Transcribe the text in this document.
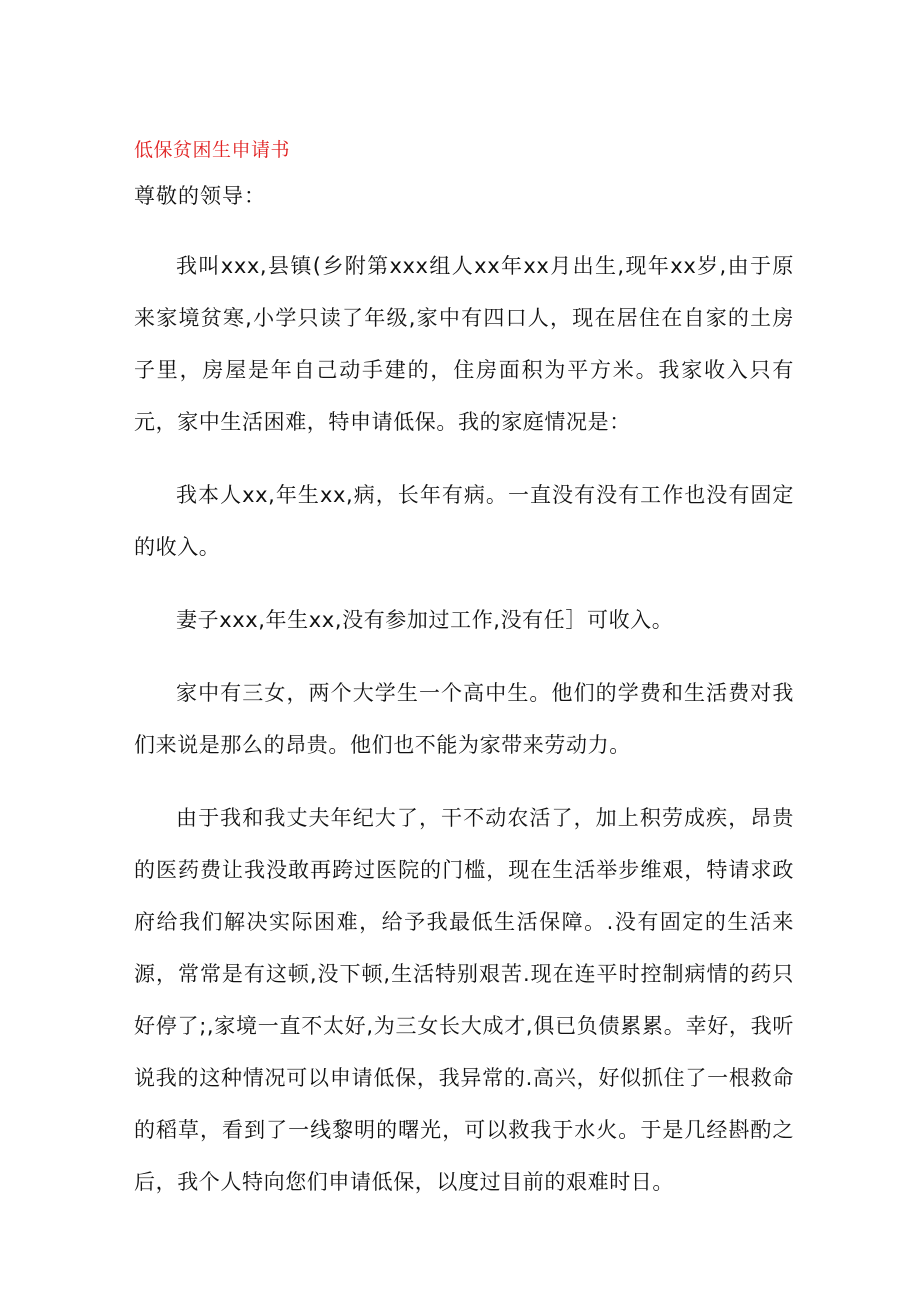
低保贫困生申请书

尊敬的领导：

我叫xxx,县镇(乡附第xxx组人xx年xx月出生,现年xx岁,由于原来家境贫寒,小学只读了年级,家中有四口人，现在居住在自家的土房子里，房屋是年自己动手建的，住房面积为平方米。我家收入只有元，家中生活困难，特申请低保。我的家庭情况是：

我本人xx,年生xx,病，长年有病。一直没有没有工作也没有固定的收入。

妻子xxx,年生xx,没有参加过工作,没有任］可收入。

家中有三女，两个大学生一个高中生。他们的学费和生活费对我们来说是那么的昂贵。他们也不能为家带来劳动力。

由于我和我丈夫年纪大了，干不动农活了，加上积劳成疾，昂贵的医药费让我没敢再跨过医院的门槛，现在生活举步维艰，特请求政府给我们解决实际困难，给予我最低生活保障。.没有固定的生活来源，常常是有这顿,没下顿,生活特别艰苦.现在连平时控制病情的药只好停了;,家境一直不太好,为三女长大成才,俱已负债累累。幸好，我听说我的这种情况可以申请低保，我异常的.高兴，好似抓住了一根救命的稻草，看到了一线黎明的曙光，可以救我于水火。于是几经斟酌之后，我个人特向您们申请低保，以度过目前的艰难时日。
